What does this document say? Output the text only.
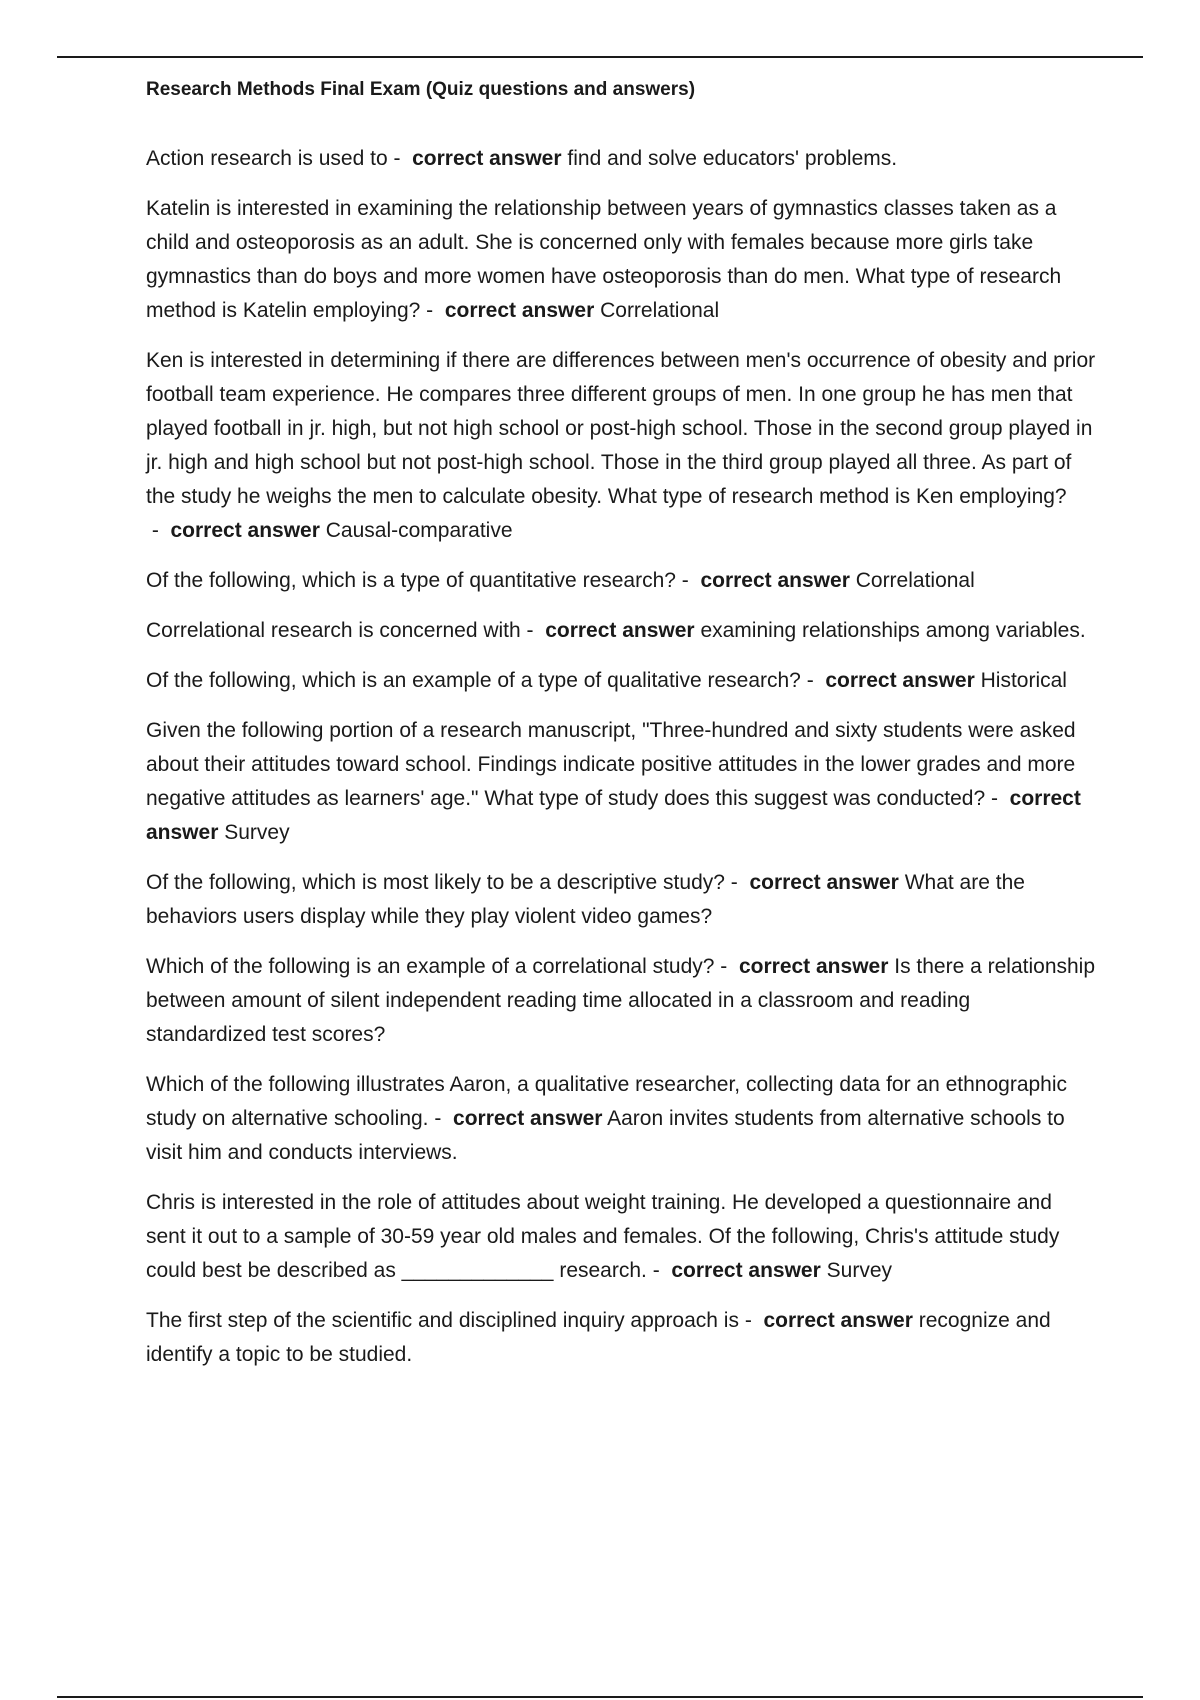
Research Methods Final Exam (Quiz questions and answers)

Action research is used to -  correct answer find and solve educators' problems.

Katelin is interested in examining the relationship between years of gymnastics classes taken as a child and osteoporosis as an adult. She is concerned only with females because more girls take gymnastics than do boys and more women have osteoporosis than do men. What type of research method is Katelin employing? -  correct answer Correlational

Ken is interested in determining if there are differences between men's occurrence of obesity and prior football team experience. He compares three different groups of men. In one group he has men that played football in jr. high, but not high school or post-high school. Those in the second group played in jr. high and high school but not post-high school. Those in the third group played all three. As part of the study he weighs the men to calculate obesity. What type of research method is Ken employing? -  correct answer Causal-comparative

Of the following, which is a type of quantitative research? -  correct answer Correlational

Correlational research is concerned with -  correct answer examining relationships among variables.

Of the following, which is an example of a type of qualitative research? -  correct answer Historical

Given the following portion of a research manuscript, "Three-hundred and sixty students were asked about their attitudes toward school. Findings indicate positive attitudes in the lower grades and more negative attitudes as learners' age." What type of study does this suggest was conducted? -  correct answer Survey

Of the following, which is most likely to be a descriptive study? -  correct answer What are the behaviors users display while they play violent video games?

Which of the following is an example of a correlational study? -  correct answer Is there a relationship between amount of silent independent reading time allocated in a classroom and reading standardized test scores?

Which of the following illustrates Aaron, a qualitative researcher, collecting data for an ethnographic study on alternative schooling. -  correct answer Aaron invites students from alternative schools to visit him and conducts interviews.

Chris is interested in the role of attitudes about weight training. He developed a questionnaire and sent it out to a sample of 30-59 year old males and females. Of the following, Chris's attitude study could best be described as _____________ research. -  correct answer Survey

The first step of the scientific and disciplined inquiry approach is -  correct answer recognize and identify a topic to be studied.
